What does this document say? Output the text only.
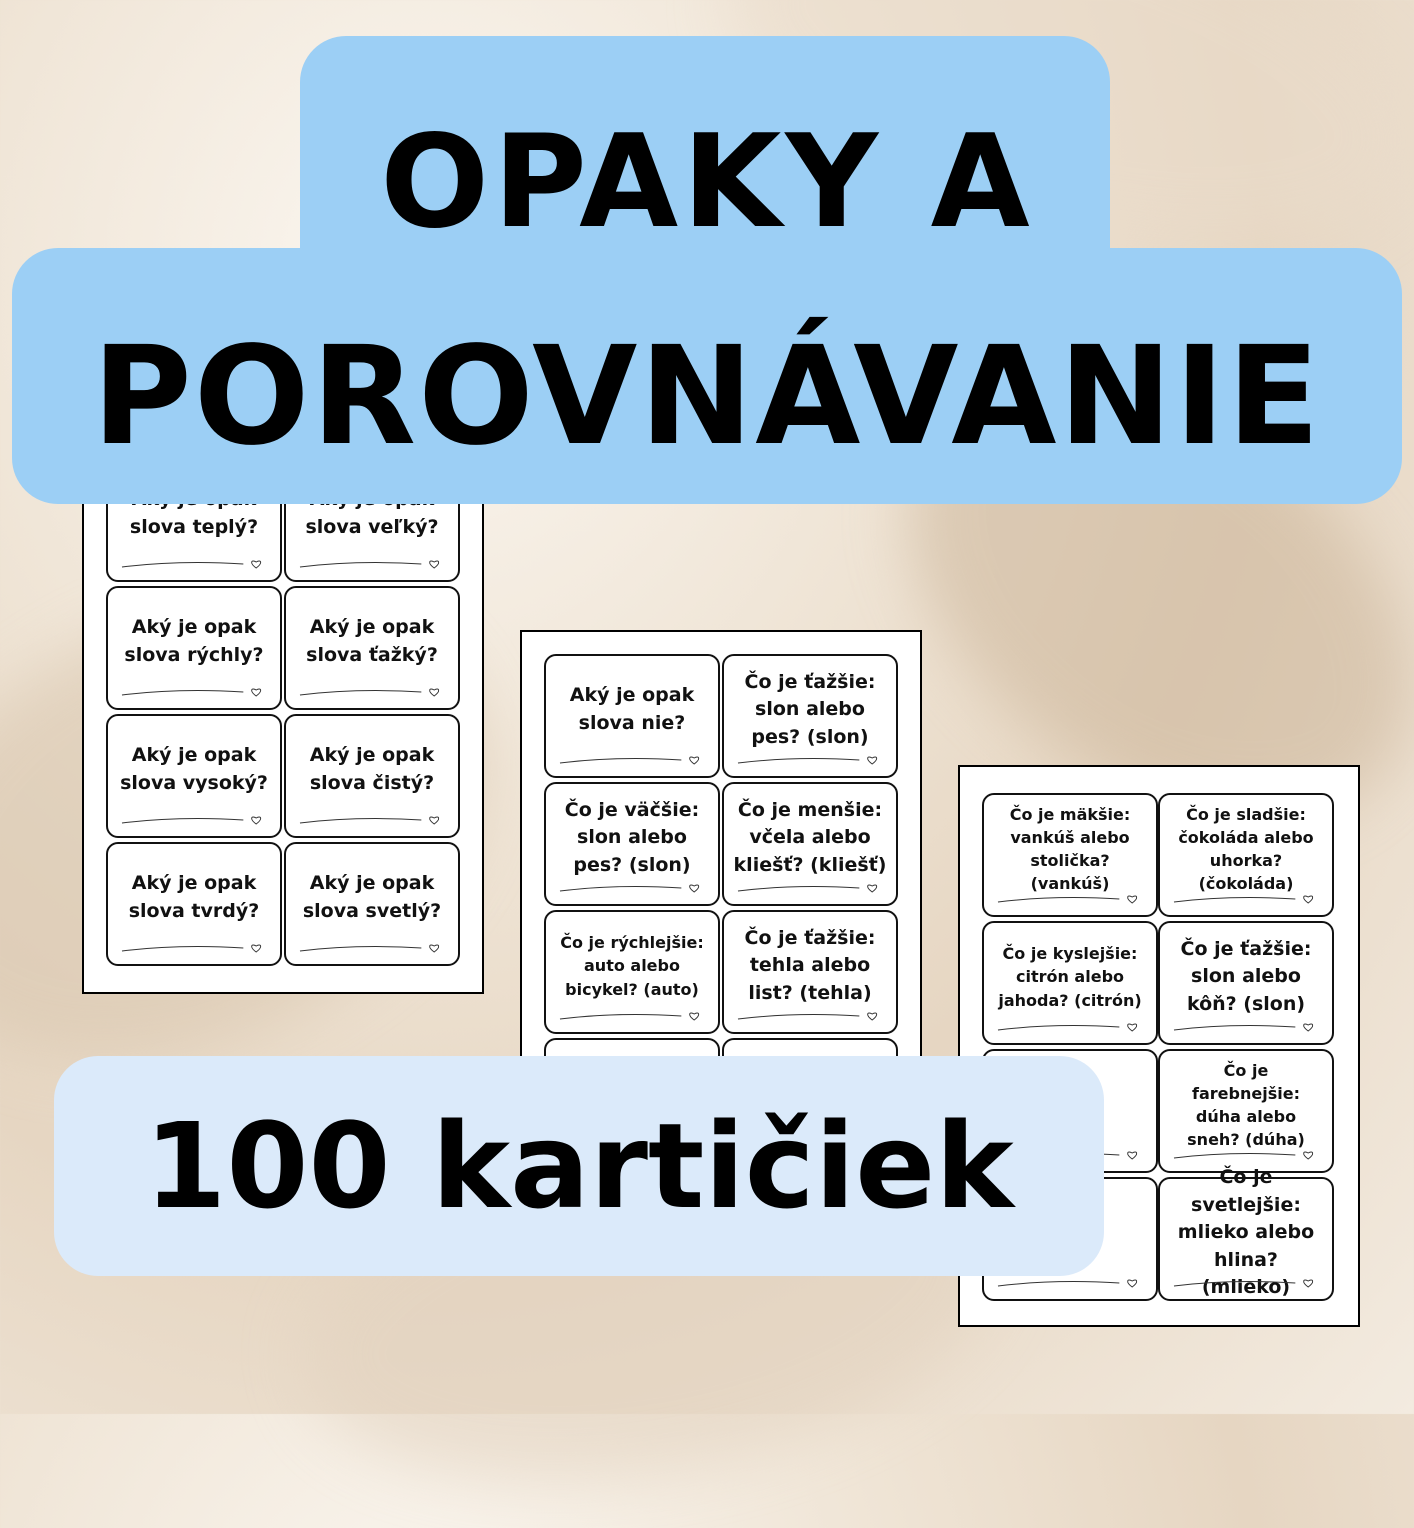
slova teplý?	slova veľký?
Aký je opak slova rýchly?
Aký je opak slova ťažký?
Aký je opak slova vysoký?
Aký je opak slova čistý?
Aký je opak slova tvrdý?
Aký je opak slova svetlý?
Aký je opak slova nie?
Čo je ťažšie: slon alebo pes? (slon)
Čo je väčšie: slon alebo pes? (slon)
Čo je menšie: včela alebo kliešť? (kliešť)
Čo je rýchlejšie: auto alebo bicykel? (auto)
Čo je ťažšie: tehla alebo list? (tehla)
Čo je mäkšie: vankúš alebo stolička? (vankúš)
Čo je sladšie: čokoláda alebo uhorka? (čokoláda)
Čo je kyslejšie: citrón alebo jahoda? (citrón)
Čo je ťažšie: slon alebo kôň? (slon)
Čo je farebnejšie: dúha alebo sneh? (dúha)
Čo je svetlejšie: mlieko alebo hlina? (mlieko)
OPAKY A
POROVNÁVANIE
100 kartičiek
